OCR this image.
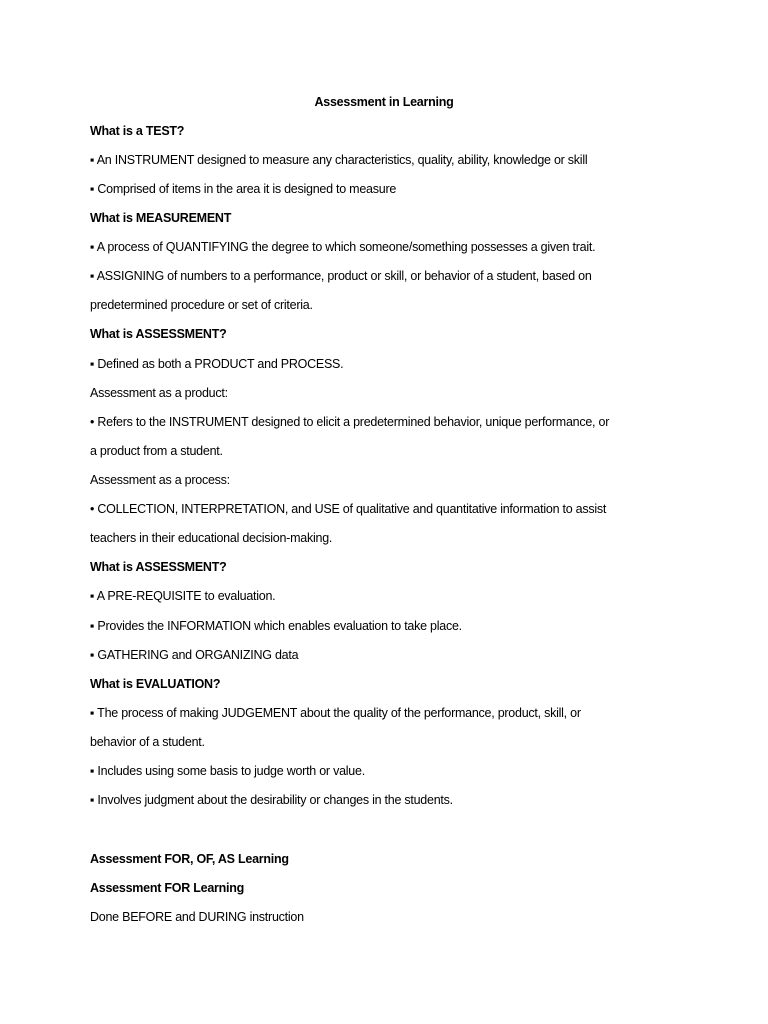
Assessment in Learning
What is a TEST?
▪ An INSTRUMENT designed to measure any characteristics, quality, ability, knowledge or skill
▪ Comprised of items in the area it is designed to measure
What is MEASUREMENT
▪ A process of QUANTIFYING the degree to which someone/something possesses a given trait.
▪ ASSIGNING of numbers to a performance, product or skill, or behavior of a student, based on
predetermined procedure or set of criteria.
What is ASSESSMENT?
▪ Defined as both a PRODUCT and PROCESS.
Assessment as a product:
• Refers to the INSTRUMENT designed to elicit a predetermined behavior, unique performance, or
a product from a student.
Assessment as a process:
• COLLECTION, INTERPRETATION, and USE of qualitative and quantitative information to assist
teachers in their educational decision-making.
What is ASSESSMENT?
▪ A PRE-REQUISITE to evaluation.
▪ Provides the INFORMATION which enables evaluation to take place.
▪ GATHERING and ORGANIZING data
What is EVALUATION?
▪ The process of making JUDGEMENT about the quality of the performance, product, skill, or
behavior of a student.
▪ Includes using some basis to judge worth or value.
▪ Involves judgment about the desirability or changes in the students.
Assessment FOR, OF, AS Learning
Assessment FOR Learning
Done BEFORE and DURING instruction
